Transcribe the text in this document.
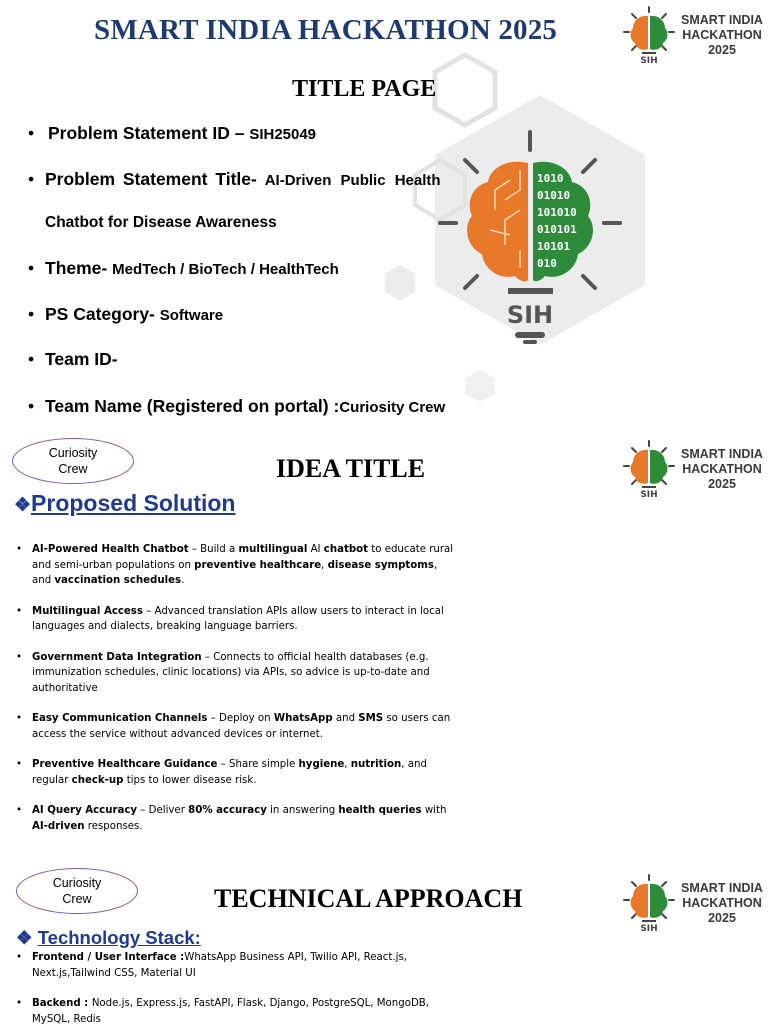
1010
01010
101010
010101
10101
010
SIH
SMART INDIA HACKATHON 2025
SIH
SMART INDIA
HACKATHON
2025
TITLE PAGE
• Problem Statement ID – SIH25049
• Problem Statement Title- AI-Driven Public Health
Chatbot for Disease Awareness
• Theme- MedTech / BioTech / HealthTech
• PS Category- Software
• Team ID-
• Team Name (Registered on portal) :Curiosity Crew
Curiosity
Crew	IDEA TITLE
SIH
SMART INDIA
HACKATHON
2025
❖Proposed Solution
• AI-Powered Health Chatbot – Build a multilingual AI chatbot to educate rural and semi-urban populations on preventive healthcare, disease symptoms, and vaccination schedules.
• Multilingual Access – Advanced translation APIs allow users to interact in local languages and dialects, breaking language barriers.
• Government Data Integration – Connects to official health databases (e.g. immunization schedules, clinic locations) via APIs, so advice is up-to-date and authoritative
• Easy Communication Channels – Deploy on WhatsApp and SMS so users can access the service without advanced devices or internet.
• Preventive Healthcare Guidance – Share simple hygiene, nutrition, and regular check-up tips to lower disease risk.
• AI Query Accuracy – Deliver 80% accuracy in answering health queries with AI-driven responses.
Curiosity
Crew	TECHNICAL APPROACH
SIH
SMART INDIA
HACKATHON
2025
❖ Technology Stack:
• Frontend / User Interface :WhatsApp Business API, Twilio API, React.js, Next.js,Tailwind CSS, Material UI
• Backend : Node.js, Express.js, FastAPI, Flask, Django, PostgreSQL, MongoDB, MySQL, Redis
